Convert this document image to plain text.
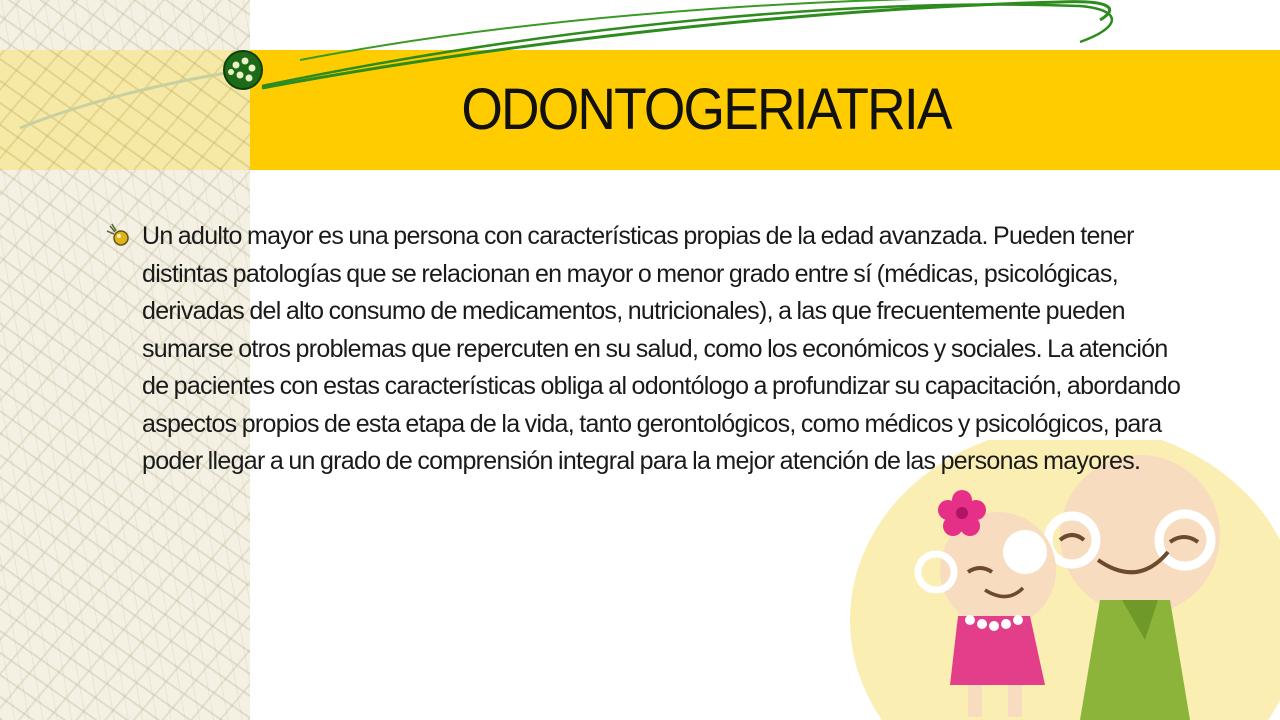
ODONTOGERIATRIA
Un adulto mayor es una persona con características propias de la edad avanzada. Pueden tener distintas patologías que se relacionan en mayor o menor grado entre sí (médicas, psicológicas, derivadas del alto consumo de medicamentos, nutricionales), a las que frecuentemente pueden sumarse otros problemas que repercuten en su salud, como los económicos y sociales. La atención de pacientes con estas características obliga al odontólogo a profundizar su capacitación, abordando aspectos propios de esta etapa de la vida, tanto gerontológicos, como médicos y psicológicos, para poder llegar a un grado de comprensión integral para la mejor atención de las personas mayores.
